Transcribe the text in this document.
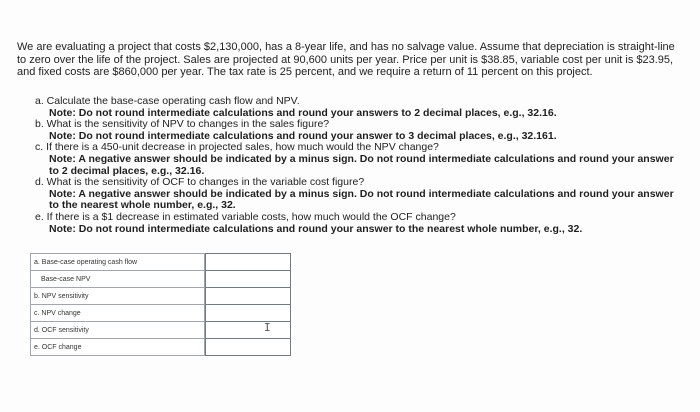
We are evaluating a project that costs $2,130,000, has a 8-year life, and has no salvage value. Assume that depreciation is straight-line to zero over the life of the project. Sales are projected at 90,600 units per year. Price per unit is $38.85, variable cost per unit is $23.95, and fixed costs are $860,000 per year. The tax rate is 25 percent, and we require a return of 11 percent on this project.
a. Calculate the base-case operating cash flow and NPV.
Note: Do not round intermediate calculations and round your answers to 2 decimal places, e.g., 32.16.
b. What is the sensitivity of NPV to changes in the sales figure?
Note: Do not round intermediate calculations and round your answer to 3 decimal places, e.g., 32.161.
c. If there is a 450-unit decrease in projected sales, how much would the NPV change?
Note: A negative answer should be indicated by a minus sign. Do not round intermediate calculations and round your answer to 2 decimal places, e.g., 32.16.
d. What is the sensitivity of OCF to changes in the variable cost figure?
Note: A negative answer should be indicated by a minus sign. Do not round intermediate calculations and round your answer to the nearest whole number, e.g., 32.
e. If there is a $1 decrease in estimated variable costs, how much would the OCF change?
Note: Do not round intermediate calculations and round your answer to the nearest whole number, e.g., 32.
a. Base-case operating cash flow		
Base-case NPV		
b. NPV sensitivity		
c. NPV change		
d. OCF sensitivity		
e. OCF change		
I
